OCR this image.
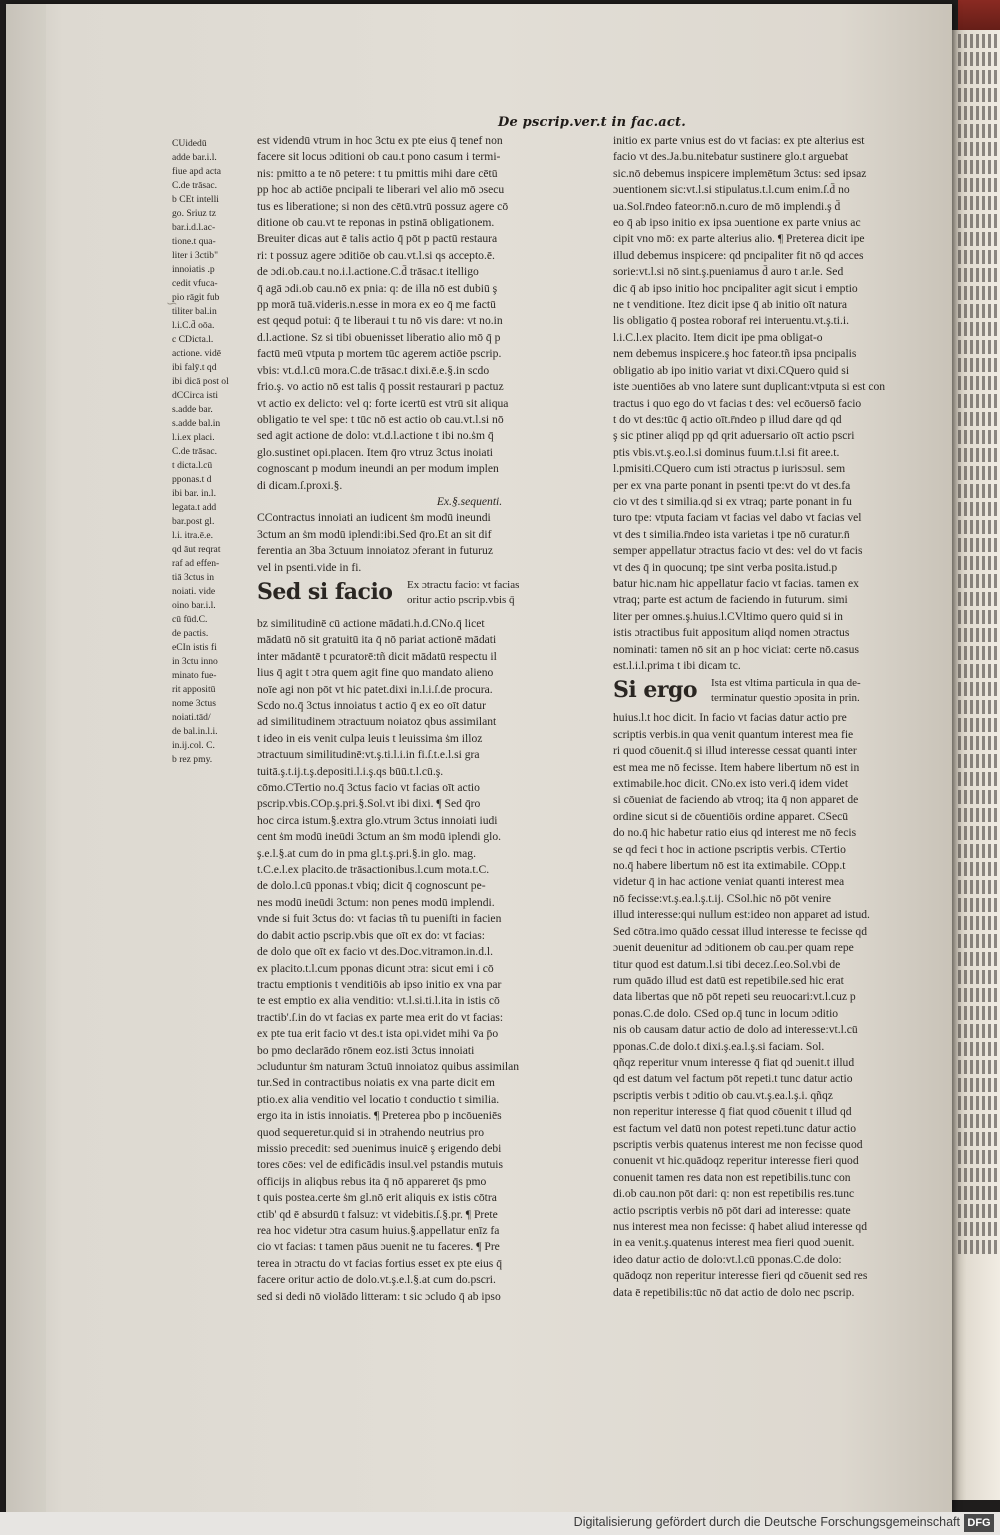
De pscrip.ver.t in fac.act.

CUidedū

adde bar.i.l.

fiue apd acta

C.de trāsac.

b CEt intelli

go. Sriuz tz

bar.i.d.l.ac-

tione.t qua-

liter i 3ctib"

innoiatis .p

cedit vfuca-

pio rāgit fub

tiliter bal.in

l.i.C.d̄ oōa.

c CDicta.l.

actione. vidē

ibi falȳ.t qd

ibi dicā post ol

dCCirca isti

s.adde bar.

s.adde bal.in

l.i.ex placi.

C.de trāsac.

t dicta.l.cū

pponas.t d

ibi bar. in.l.

legata.t add

bar.post gl.

l.i. itra.ē.e.

qd āut reqrat

raf ad effen-

tiā 3ctus in

noiati. vide

oino bar.i.l.

cū fūd.C.

de pactis.

eCIn istis fi

in 3ctu inno

minato fue-

rit appositū

nome 3ctus

noiati.tād/

de bal.in.l.i.

in.ij.col. C.

b rez pmy.

∽

est videndū vtrum in hoc 3ctu ex pte eius q̄ tenef non

facere sit locus ɔditioni ob cau.t pono casum i termi-

nis: pmitto a te nō petere: t tu pmittis mihi dare cētū

pp hoc ab actiōe pncipali te liberari vel alio mō ɔsecu

tus es liberatione; si non des cētū.vtrū possuz agere cō

ditione ob cau.vt te reponas in pstinā obligationem.

Breuiter dicas aut ē talis actio q̄ pōt p pactū restaura

ri: t possuz agere ɔditiōe ob cau.vt.l.si qs accepto.ē.

de ɔdi.ob.cau.t no.i.l.actione.C.d̄ trāsac.t itelligo

q̄ agā ɔdi.ob cau.nō ex pnia: q: de illa nō est dubiū ş

pp morā tuā.videris.n.esse in mora ex eo q̄ me factū

est qequd potui: q̄ te liberaui t tu nō vis dare: vt no.in

d.l.actione. Sz si tibi obuenisset liberatio alio mō q̄ p

factū meū vtputa p mortem tūc agerem actiōe pscrip.

vbis: vt.d.l.cū mora.C.de trāsac.t dixi.ē.e.§.in scdo

frio.ş. vo actio nō est talis q̄ possit restaurari p pactuz

vt actio ex delicto: vel q: forte icertū est vtrū sit aliqua

obligatio te vel spe: t tūc nō est actio ob cau.vt.l.si nō

sed agit actione de dolo: vt.d.l.actione t ibi no.ṡm q̄

glo.sustinet opi.placen. Item q̄ro vtruz 3ctus inoiati

cognoscant p modum ineundi an per modum implen

di dicam.ſ.proxi.§.

Ex.§.sequenti.

CContractus innoiati an iudicent ṡm modū ineundi

3ctum an ṡm modū iplendi:ibi.Sed q̄ro.Et an sit dif

ferentia an 3ba 3ctuum innoiatoz ɔferant in futuruz

vel in psenti.vide in fi.

Sed si facio Ex ɔtractu facio: vt facias

oritur actio pscrip.vbis q̄

bz similitudinē cū actione mādati.h.d.CNo.q̄ licet

mādatū nō sit gratuitū ita q̄ nō pariat actionē mādati

inter mādantē t pcuratorē:tñ dicit mādatū respectu il

lius q̄ agit t ɔtra quem agit fine quo mandato alieno

noīe agi non pōt vt hic patet.dixi in.l.i.ſ.de procura.

Scdo no.q̄ 3ctus innoiatus t actio q̄ ex eo oīt datur

ad similitudinem ɔtractuum noiatoz qbus assimilant

t ideo in eis venit culpa leuis t leuissima ṡm illoz

ɔtractuum similitudinē:vt.ş.ti.l.i.in fi.ſ.t.e.l.si gra

tuitā.ş.t.ij.t.ş.depositi.l.i.ş.qs būū.t.l.cū.ş.

cōmo.CTertio no.q̄ 3ctus facio vt facias oīt actio

pscrip.vbis.COp.ş.pri.§.Sol.vt ibi dixi. ¶ Sed q̄ro

hoc circa istum.§.extra glo.vtrum 3ctus innoiati iudi

cent ṡm modū ineūdi 3ctum an ṡm modū iplendi glo.

ş.e.l.§.at cum do in pma gl.t.ş.pri.§.in glo. mag.

t.C.e.l.ex placito.de trāsactionibus.l.cum mota.t.C.

de dolo.l.cū pponas.t vbiq; dicit q̄ cognoscunt pe-

nes modū ineūdi 3ctum: non penes modū implendi.

vnde si fuit 3ctus do: vt facias tñ tu pueniſti in facien

do dabit actio pscrip.vbis que oīt ex do: vt facias:

de dolo que oīt ex facio vt des.Doc.vitramon.in.d.l.

ex placito.t.l.cum pponas dicunt ɔtra: sicut emi i cō

tractu emptionis t venditiōis ab ipso initio ex vna par

te est emptio ex alia venditio: vt.l.si.ti.l.ita in istis cō

tractib'.ſ.in do vt facias ex parte mea erit do vt facias:

ex pte tua erit facio vt des.t ista opi.videt mihi v̄a p̄o

bo pmo declarādo rōnem eoz.isti 3ctus innoiati

ɔcluduntur ṡm naturam 3ctuū innoiatoz quibus assimilan

tur.Sed in contractibus noiatis ex vna parte dicit em

ptio.ex alia venditio vel locatio t conductio t similia.

ergo ita in istis innoiatis. ¶ Preterea pbo p incōueniēs

quod sequeretur.quid si in ɔtrahendo neutrius pro

missio precedit: sed ɔuenimus inuicē ş erigendo debi

tores cōes: vel de edificādis insul.vel pstandis mutuis

officijs in aliqbus rebus ita q̄ nō appareret q̄s pmo

t quis postea.certe ṡm gl.nō erit aliquis ex istis cōtra

ctib' qd ē absurdū t falsuz: vt videbitis.ſ.§.pr. ¶ Prete

rea hoc videtur ɔtra casum huius.§.appellatur enīz fa

cio vt facias: t tamen pāus ɔuenit ne tu faceres. ¶ Pre

terea in ɔtractu do vt facias fortius esset ex pte eius q̄

facere oritur actio de dolo.vt.ş.e.l.§.at cum do.pscri.

sed si dedi nō violādo litteram: t sic ɔcludo q̄ ab ipso

initio ex parte vnius est do vt facias: ex pte alterius est

facio vt des.Ja.bu.nitebatur sustinere glo.t arguebat

sic.nō debemus inspicere implemētum 3ctus: sed ipsaz

ɔuentionem sic:vt.l.si stipulatus.t.l.cum enim.ſ.d̄ no

ua.Sol.r̄ndeo fateor:nō.n.curo de mō implendi.ş d̄

eo q̄ ab ipso initio ex ipsa ɔuentione ex parte vnius ac

cipit vno mō: ex parte alterius alio. ¶ Preterea dicit ipe

illud debemus inspicere: qd pncipaliter fit nō qd acces

sorie:vt.l.si nō sint.ş.pueniamus d̄ auro t ar.le. Sed

dic q̄ ab ipso initio hoc pncipaliter agit sicut i emptio

ne t venditione. Itez dicit ipse q̄ ab initio oīt natura

lis obligatio q̄ postea roboraf rei interuentu.vt.ş.ti.i.

l.i.C.l.ex placito. Item dicit ipe pma obligat-o

nem debemus inspicere.ş hoc fateor.tñ ipsa pncipalis

obligatio ab ipo initio variat vt dixi.CQuero quid si

iste ɔuentiōes ab vno latere sunt duplicant:vtputa si est con

tractus i quo ego do vt facias t des: vel ecōuersō facio

t do vt des:tūc q̄ actio oīt.r̄ndeo p illud dare qd qd

ş sic ptiner aliqd pp qd qrit aduersario oīt actio pscri

ptis vbis.vt.ş.eo.l.si dominus fuum.t.l.si fit aree.t.

l.pmisiti.CQuero cum isti ɔtractus p iurisɔsul. sem

per ex vna parte ponant in psenti tpe:vt do vt des.fa

cio vt des t similia.qd si ex vtraq; parte ponant in fu

turo tpe: vtputa faciam vt facias vel dabo vt facias vel

vt des t similia.r̄ndeo ista varietas i tpe nō curatur.n̄

semper appellatur ɔtractus facio vt des: vel do vt facis

vt des q̄ in quocunq; tpe sint verba posita.istud.p

batur hic.nam hic appellatur facio vt facias. tamen ex

vtraq; parte est actum de faciendo in futurum. simi

liter per omnes.ş.huius.l.CVltimo quero quid si in

istis ɔtractibus fuit appositum aliqd nomen ɔtractus

nominati: tamen nō sit an p hoc viciat: certe nō.casus

est.l.i.l.prima t ibi dicam tc.

Si ergo Ista est vltima particula in qua de-

terminatur questio ɔposita in prin.

huius.l.t hoc dicit. In facio vt facias datur actio pre

scriptis verbis.in qua venit quantum interest mea fie

ri quod cōuenit.q̄ si illud interesse cessat quanti inter

est mea me nō fecisse. Item habere libertum nō est in

extimabile.hoc dicit. CNo.ex isto veri.q̄ idem videt

si cōueniat de faciendo ab vtroq; ita q̄ non apparet de

ordine sicut si de cōuentiōis ordine apparet. CSecū

do no.q̄ hic habetur ratio eius qd interest me nō fecis

se qd feci t hoc in actione pscriptis verbis. CTertio

no.q̄ habere libertum nō est ita extimabile. COpp.t

videtur q̄ in hac actione veniat quanti interest mea

nō fecisse:vt.ş.ea.l.ş.t.ij. CSol.hic nō pōt venire

illud interesse:qui nullum est:ideo non apparet ad istud.

Sed cōtra.imo quādo cessat illud interesse te fecisse qd

ɔuenit deuenitur ad ɔditionem ob cau.per quam repe

titur quod est datum.l.si tibi decez.ſ.eo.Sol.vbi de

rum quādo illud est datū est repetibile.sed hic erat

data libertas que nō pōt repeti seu reuocari:vt.l.cuz p

ponas.C.de dolo. CSed op.q̄ tunc in locum ɔditio

nis ob causam datur actio de dolo ad interesse:vt.l.cū

pponas.C.de dolo.t dixi.ş.ea.l.ş.si faciam. Sol.

qñqz reperitur vnum interesse q̄ fiat qd ɔuenit.t illud

qd est datum vel factum pōt repeti.t tunc datur actio

pscriptis verbis t ɔditio ob cau.vt.ş.ea.l.ş.i. qñqz

non reperitur interesse q̄ fiat quod cōuenit t illud qd

est factum vel datū non potest repeti.tunc datur actio

pscriptis verbis quatenus interest me non fecisse quod

conuenit vt hic.quādoqz reperitur interesse fieri quod

conuenit tamen res data non est repetibilis.tunc con

di.ob cau.non pōt dari: q: non est repetibilis res.tunc

actio pscriptis verbis nō pōt dari ad interesse: quate

nus interest mea non fecisse: q̄ habet aliud interesse qd

in ea venit.ş.quatenus interest mea fieri quod ɔuenit.

ideo datur actio de dolo:vt.l.cū pponas.C.de dolo:

quādoqz non reperitur interesse fieri qd cōuenit sed res

data ē repetibilis:tūc nō dat actio de dolo nec pscrip.

Digitalisierung gefördert durch die Deutsche Forschungsgemeinschaft DFG
